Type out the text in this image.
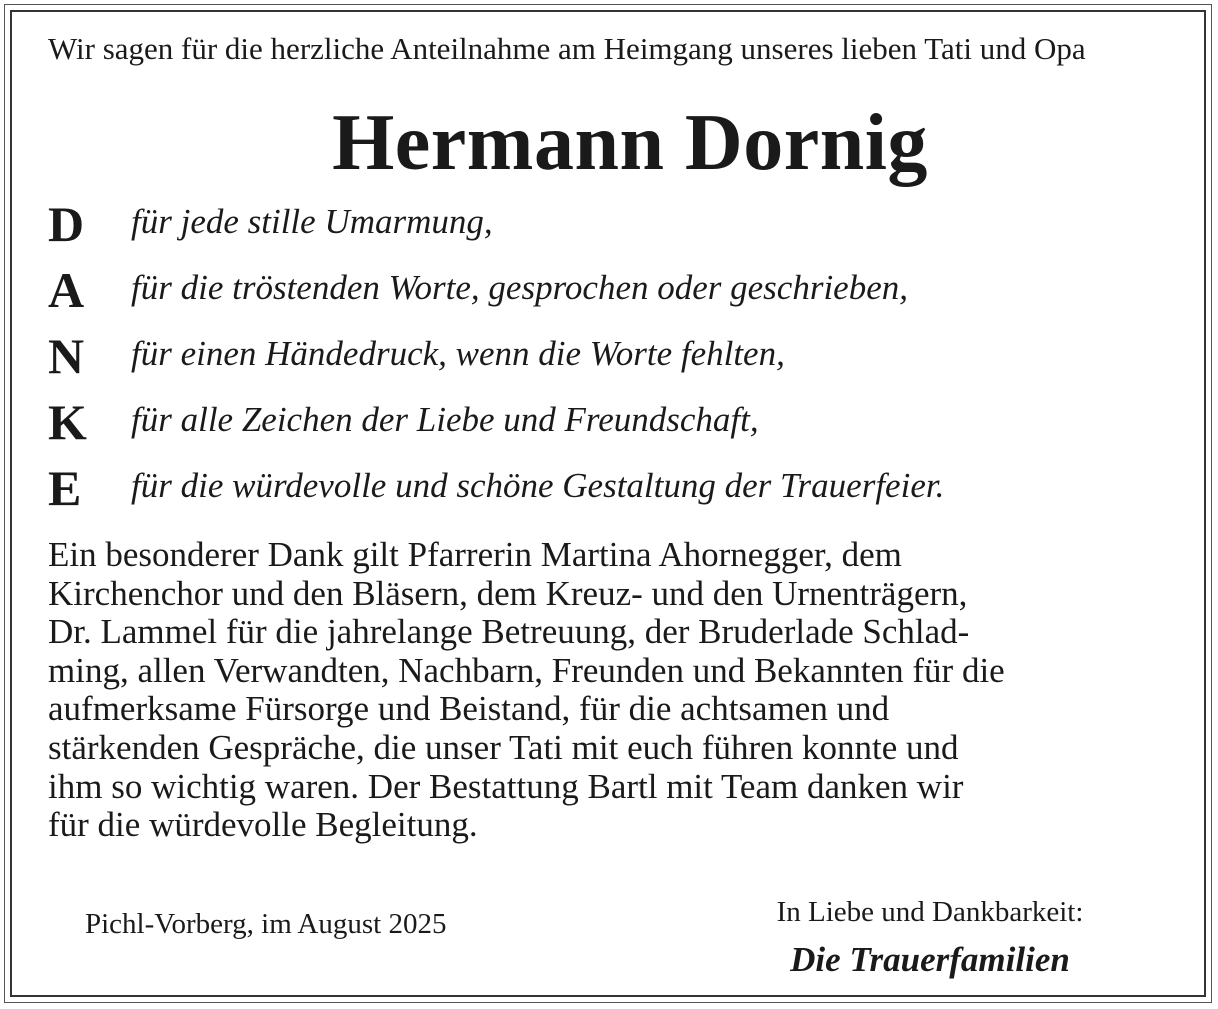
Wir sagen für die herzliche Anteilnahme am Heimgang unseres lieben Tati und Opa
Hermann Dornig
D	für jede stille Umarmung,
A	für die tröstenden Worte, gesprochen oder geschrieben,
N	für einen Händedruck, wenn die Worte fehlten,
K	für alle Zeichen der Liebe und Freundschaft,
E	für die würdevolle und schöne Gestaltung der Trauerfeier.
Ein besonderer Dank gilt Pfarrerin Martina Ahornegger, dem
Kirchenchor und den Bläsern, dem Kreuz- und den Urnenträgern,
Dr. Lammel für die jahrelange Betreuung, der Bruderlade Schlad-
ming, allen Verwandten, Nachbarn, Freunden und Bekannten für die
aufmerksame Fürsorge und Beistand, für die achtsamen und
stärkenden Gespräche, die unser Tati mit euch führen konnte und
ihm so wichtig waren. Der Bestattung Bartl mit Team danken wir
für die würdevolle Begleitung.
Pichl-Vorberg, im August 2025	In Liebe und Dankbarkeit:
Die Trauerfamilien
